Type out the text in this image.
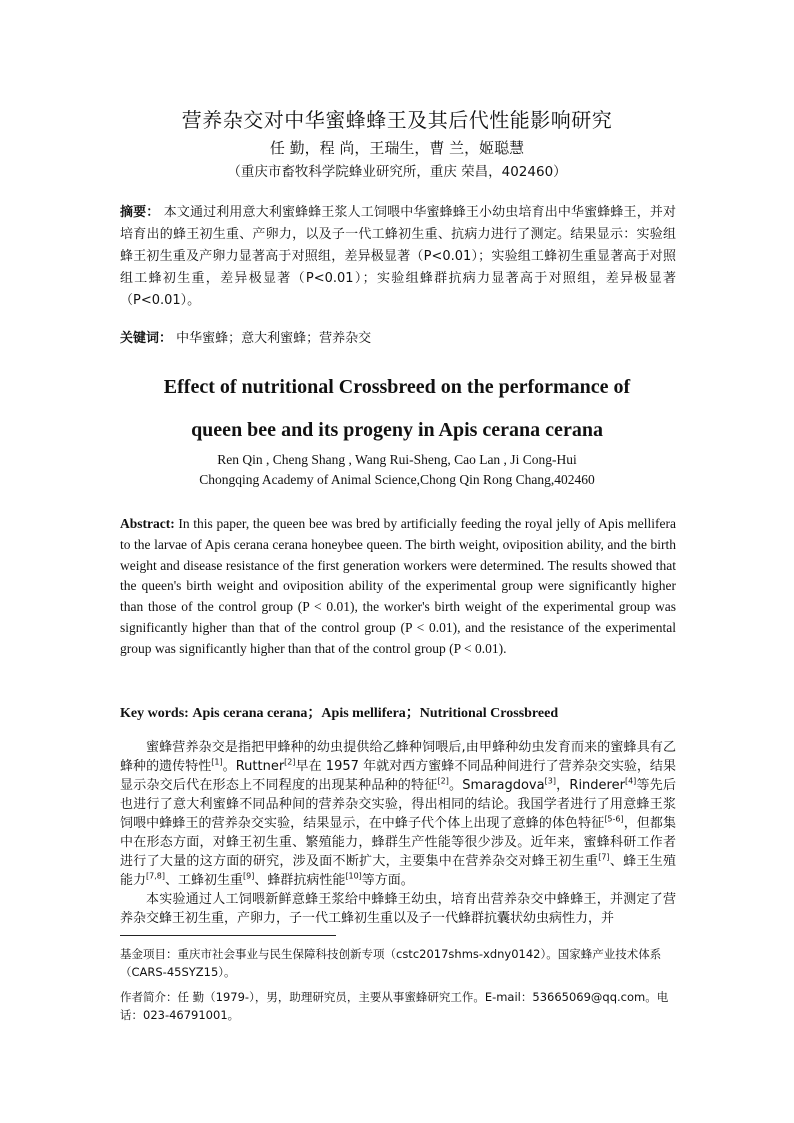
营养杂交对中华蜜蜂蜂王及其后代性能影响研究
任 勤，程 尚，王瑞生，曹 兰，姬聪慧
（重庆市畜牧科学院蜂业研究所，重庆 荣昌，402460）
摘要： 本文通过利用意大利蜜蜂蜂王浆人工饲喂中华蜜蜂蜂王小幼虫培育出中华蜜蜂蜂王，并对培育出的蜂王初生重、产卵力，以及子一代工蜂初生重、抗病力进行了测定。结果显示：实验组蜂王初生重及产卵力显著高于对照组，差异极显著（P<0.01）；实验组工蜂初生重显著高于对照组工蜂初生重，差异极显著（P<0.01）；实验组蜂群抗病力显著高于对照组，差异极显著（P<0.01）。
关键词： 中华蜜蜂；意大利蜜蜂；营养杂交
Effect of nutritional Crossbreed on the performance of
queen bee and its progeny in Apis cerana cerana
Ren Qin , Cheng Shang , Wang Rui-Sheng, Cao Lan , Ji Cong-Hui
Chongqing Academy of Animal Science,Chong Qin Rong Chang,402460
Abstract: In this paper, the queen bee was bred by artificially feeding the royal jelly of Apis mellifera to the larvae of Apis cerana cerana honeybee queen. The birth weight, oviposition ability, and the birth weight and disease resistance of the first generation workers were determined. The results showed that the queen's birth weight and oviposition ability of the experimental group were significantly higher than those of the control group (P < 0.01), the worker's birth weight of the experimental group was significantly higher than that of the control group (P < 0.01), and the resistance of the experimental group was significantly higher than that of the control group (P < 0.01).
Key words: Apis cerana cerana；Apis mellifera；Nutritional Crossbreed

蜜蜂营养杂交是指把甲蜂种的幼虫提供给乙蜂种饲喂后,由甲蜂种幼虫发育而来的蜜蜂具有乙蜂种的遗传特性[1]。Ruttner[2]早在 1957 年就对西方蜜蜂不同品种间进行了营养杂交实验，结果显示杂交后代在形态上不同程度的出现某种品种的特征[2]。Smaragdova[3]，Rinderer[4]等先后也进行了意大利蜜蜂不同品种间的营养杂交实验，得出相同的结论。我国学者进行了用意蜂王浆饲喂中蜂蜂王的营养杂交实验，结果显示，在中蜂子代个体上出现了意蜂的体色特征[5-6]，但都集中在形态方面，对蜂王初生重、繁殖能力，蜂群生产性能等很少涉及。近年来，蜜蜂科研工作者进行了大量的这方面的研究，涉及面不断扩大，主要集中在营养杂交对蜂王初生重[7]、蜂王生殖能力[7,8]、工蜂初生重[9]、蜂群抗病性能[10]等方面。

本实验通过人工饲喂新鲜意蜂王浆给中蜂蜂王幼虫，培育出营养杂交中蜂蜂王，并测定了营养杂交蜂王初生重，产卵力，子一代工蜂初生重以及子一代蜂群抗囊状幼虫病性力，并

基金项目：重庆市社会事业与民生保障科技创新专项（cstc2017shms-xdny0142）。国家蜂产业技术体系（CARS-45SYZ15）。
作者简介：任 勤（1979-），男，助理研究员，主要从事蜜蜂研究工作。E-mail：53665069@qq.com。电话：023-46791001。
